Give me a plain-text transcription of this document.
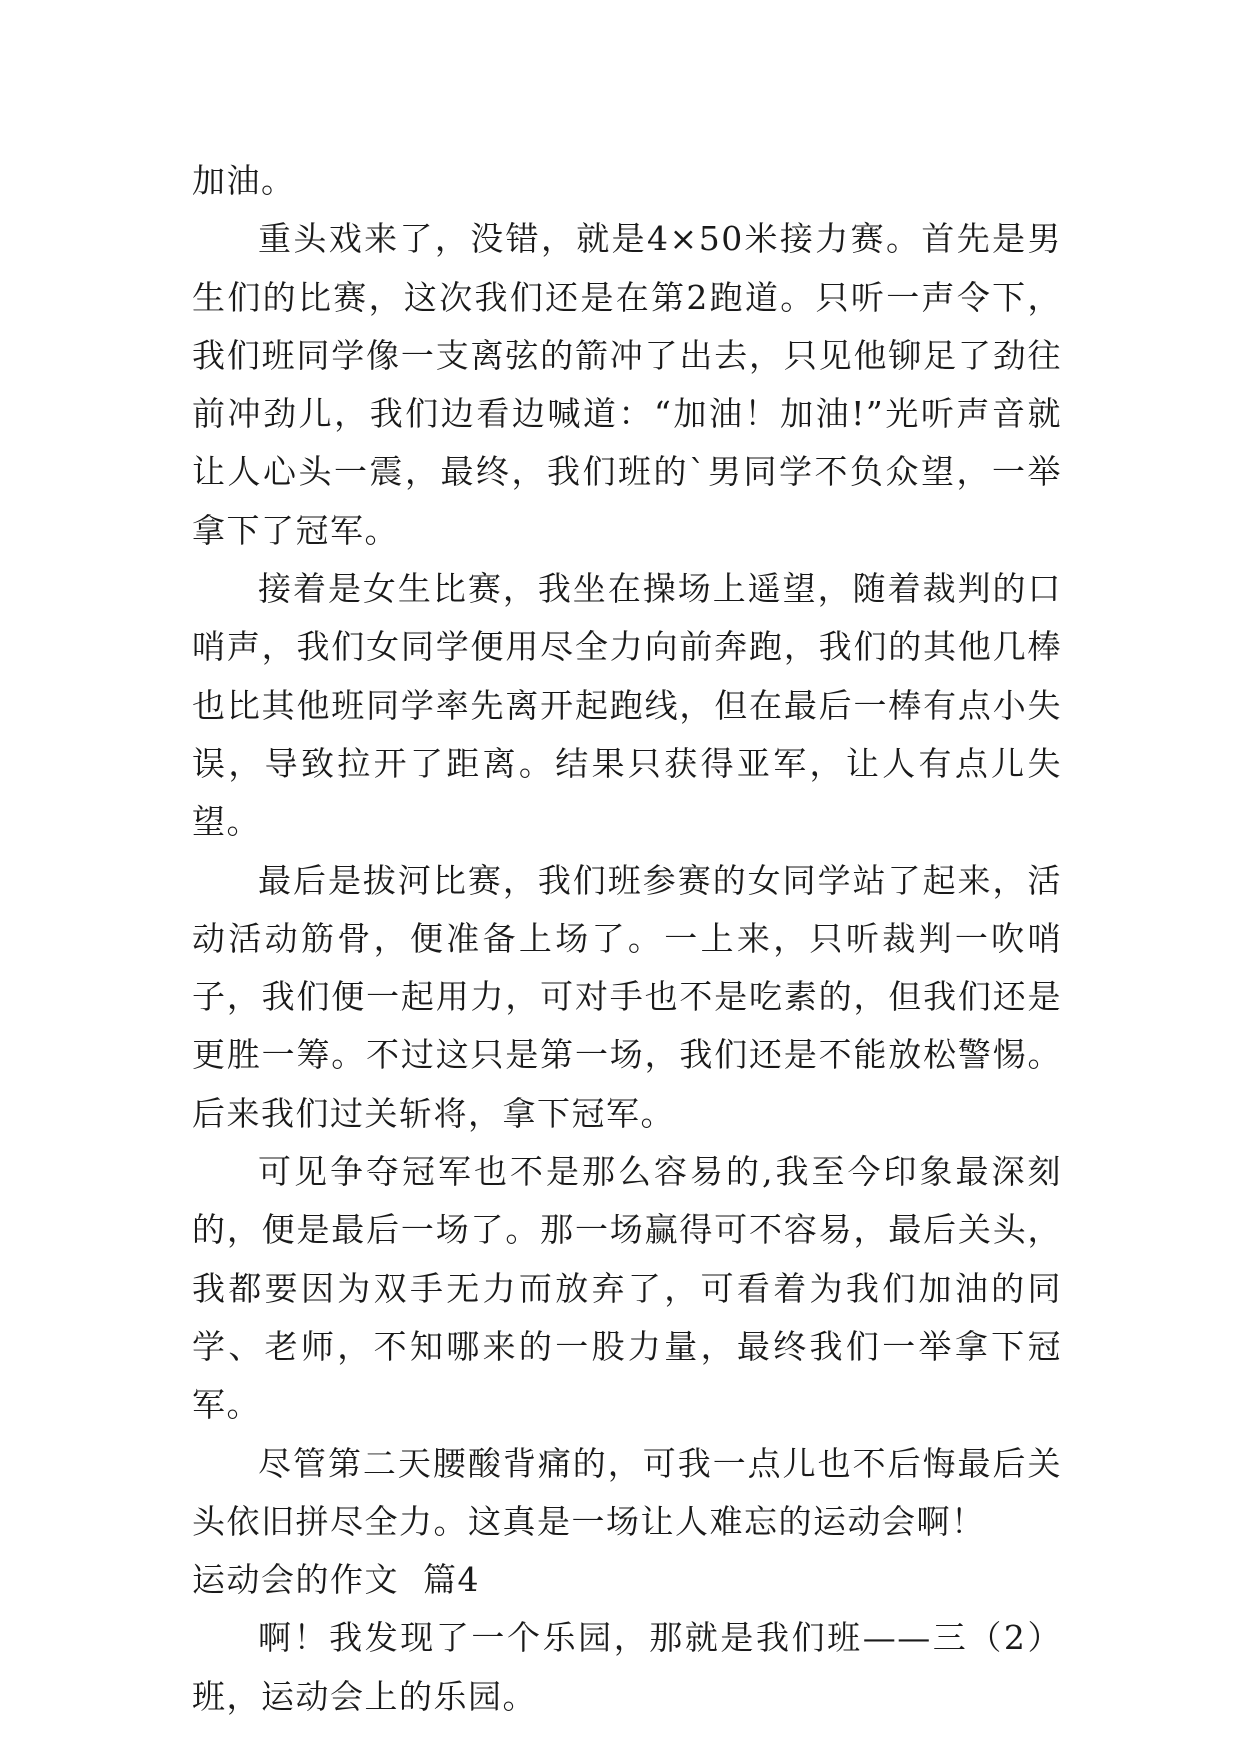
加油。

重头戏来了，没错，就是4×50米接力赛。首先是男生们的比赛，这次我们还是在第2跑道。只听一声令下，我们班同学像一支离弦的箭冲了出去，只见他铆足了劲往前冲劲儿，我们边看边喊道：“加油！加油!”光听声音就让人心头一震，最终，我们班的`男同学不负众望，一举拿下了冠军。

接着是女生比赛，我坐在操场上遥望，随着裁判的口哨声，我们女同学便用尽全力向前奔跑，我们的其他几棒也比其他班同学率先离开起跑线，但在最后一棒有点小失误，导致拉开了距离。结果只获得亚军，让人有点儿失望。

最后是拔河比赛，我们班参赛的女同学站了起来，活动活动筋骨，便准备上场了。一上来，只听裁判一吹哨子，我们便一起用力，可对手也不是吃素的，但我们还是更胜一筹。不过这只是第一场，我们还是不能放松警惕。后来我们过关斩将，拿下冠军。

可见争夺冠军也不是那么容易的,我至今印象最深刻的，便是最后一场了。那一场赢得可不容易，最后关头，我都要因为双手无力而放弃了，可看着为我们加油的同学、老师，不知哪来的一股力量，最终我们一举拿下冠军。

尽管第二天腰酸背痛的，可我一点儿也不后悔最后关头依旧拼尽全力。这真是一场让人难忘的运动会啊！

运动会的作文  篇4

啊！我发现了一个乐园，那就是我们班——三（2）班，运动会上的乐园。
